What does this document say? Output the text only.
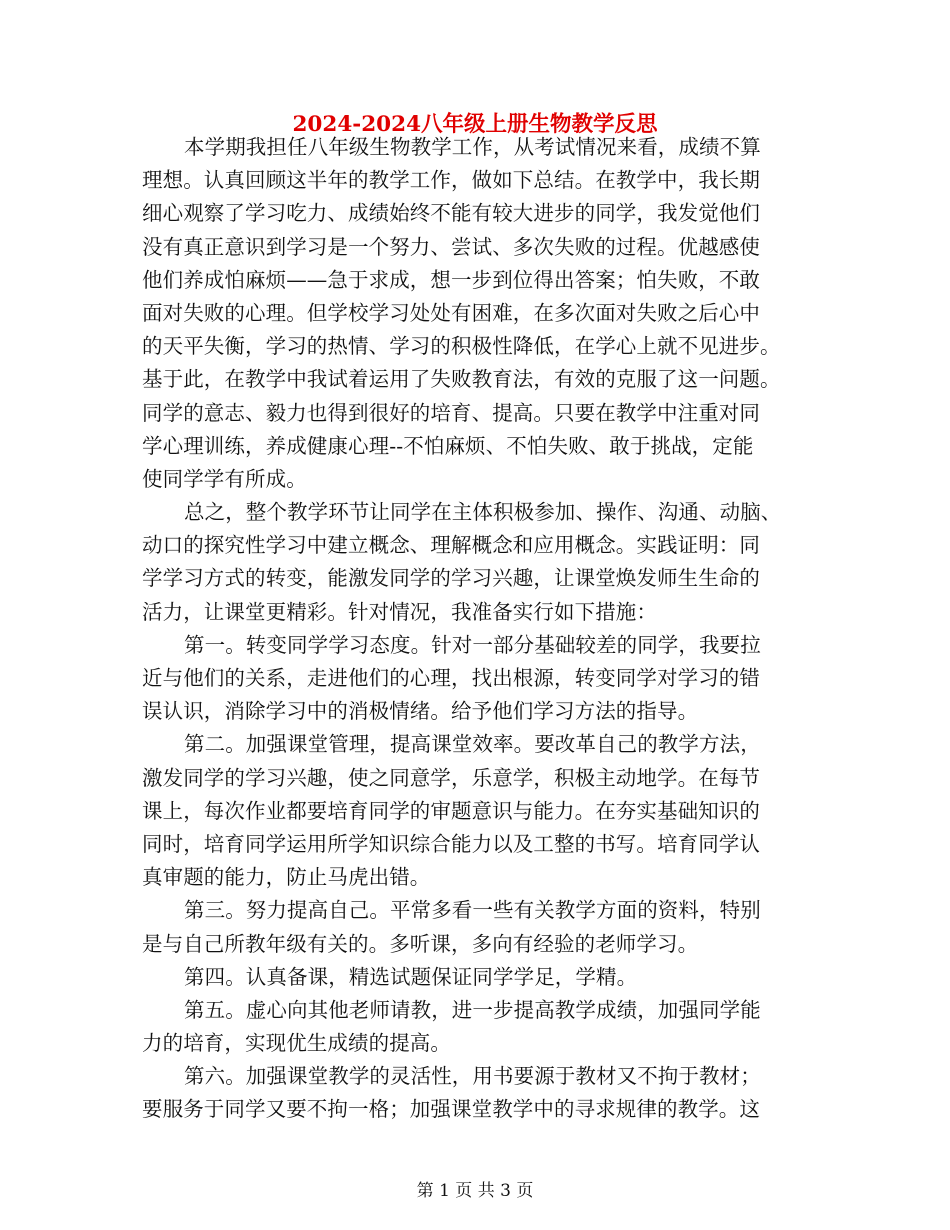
2024-2024八年级上册生物教学反思
本学期我担任八年级生物教学工作，从考试情况来看，成绩不算
理想。认真回顾这半年的教学工作，做如下总结。在教学中，我长期
细心观察了学习吃力、成绩始终不能有较大进步的同学，我发觉他们
没有真正意识到学习是一个努力、尝试、多次失败的过程。优越感使
他们养成怕麻烦——急于求成，想一步到位得出答案；怕失败，不敢
面对失败的心理。但学校学习处处有困难，在多次面对失败之后心中
的天平失衡，学习的热情、学习的积极性降低，在学心上就不见进步。
基于此，在教学中我试着运用了失败教育法，有效的克服了这一问题。
同学的意志、毅力也得到很好的培育、提高。只要在教学中注重对同
学心理训练，养成健康心理--不怕麻烦、不怕失败、敢于挑战，定能
使同学学有所成。
总之，整个教学环节让同学在主体积极参加、操作、沟通、动脑、
动口的探究性学习中建立概念、理解概念和应用概念。实践证明：同
学学习方式的转变，能激发同学的学习兴趣，让课堂焕发师生生命的
活力，让课堂更精彩。针对情况，我准备实行如下措施：
第一。转变同学学习态度。针对一部分基础较差的同学，我要拉
近与他们的关系，走进他们的心理，找出根源，转变同学对学习的错
误认识，消除学习中的消极情绪。给予他们学习方法的指导。
第二。加强课堂管理，提高课堂效率。要改革自己的教学方法，
激发同学的学习兴趣，使之同意学，乐意学，积极主动地学。在每节
课上，每次作业都要培育同学的审题意识与能力。在夯实基础知识的
同时，培育同学运用所学知识综合能力以及工整的书写。培育同学认
真审题的能力，防止马虎出错。
第三。努力提高自己。平常多看一些有关教学方面的资料，特别
是与自己所教年级有关的。多听课，多向有经验的老师学习。
第四。认真备课，精选试题保证同学学足，学精。
第五。虚心向其他老师请教，进一步提高教学成绩，加强同学能
力的培育，实现优生成绩的提高。
第六。加强课堂教学的灵活性，用书要源于教材又不拘于教材；
要服务于同学又要不拘一格；加强课堂教学中的寻求规律的教学。这
第 1 页 共 3 页
